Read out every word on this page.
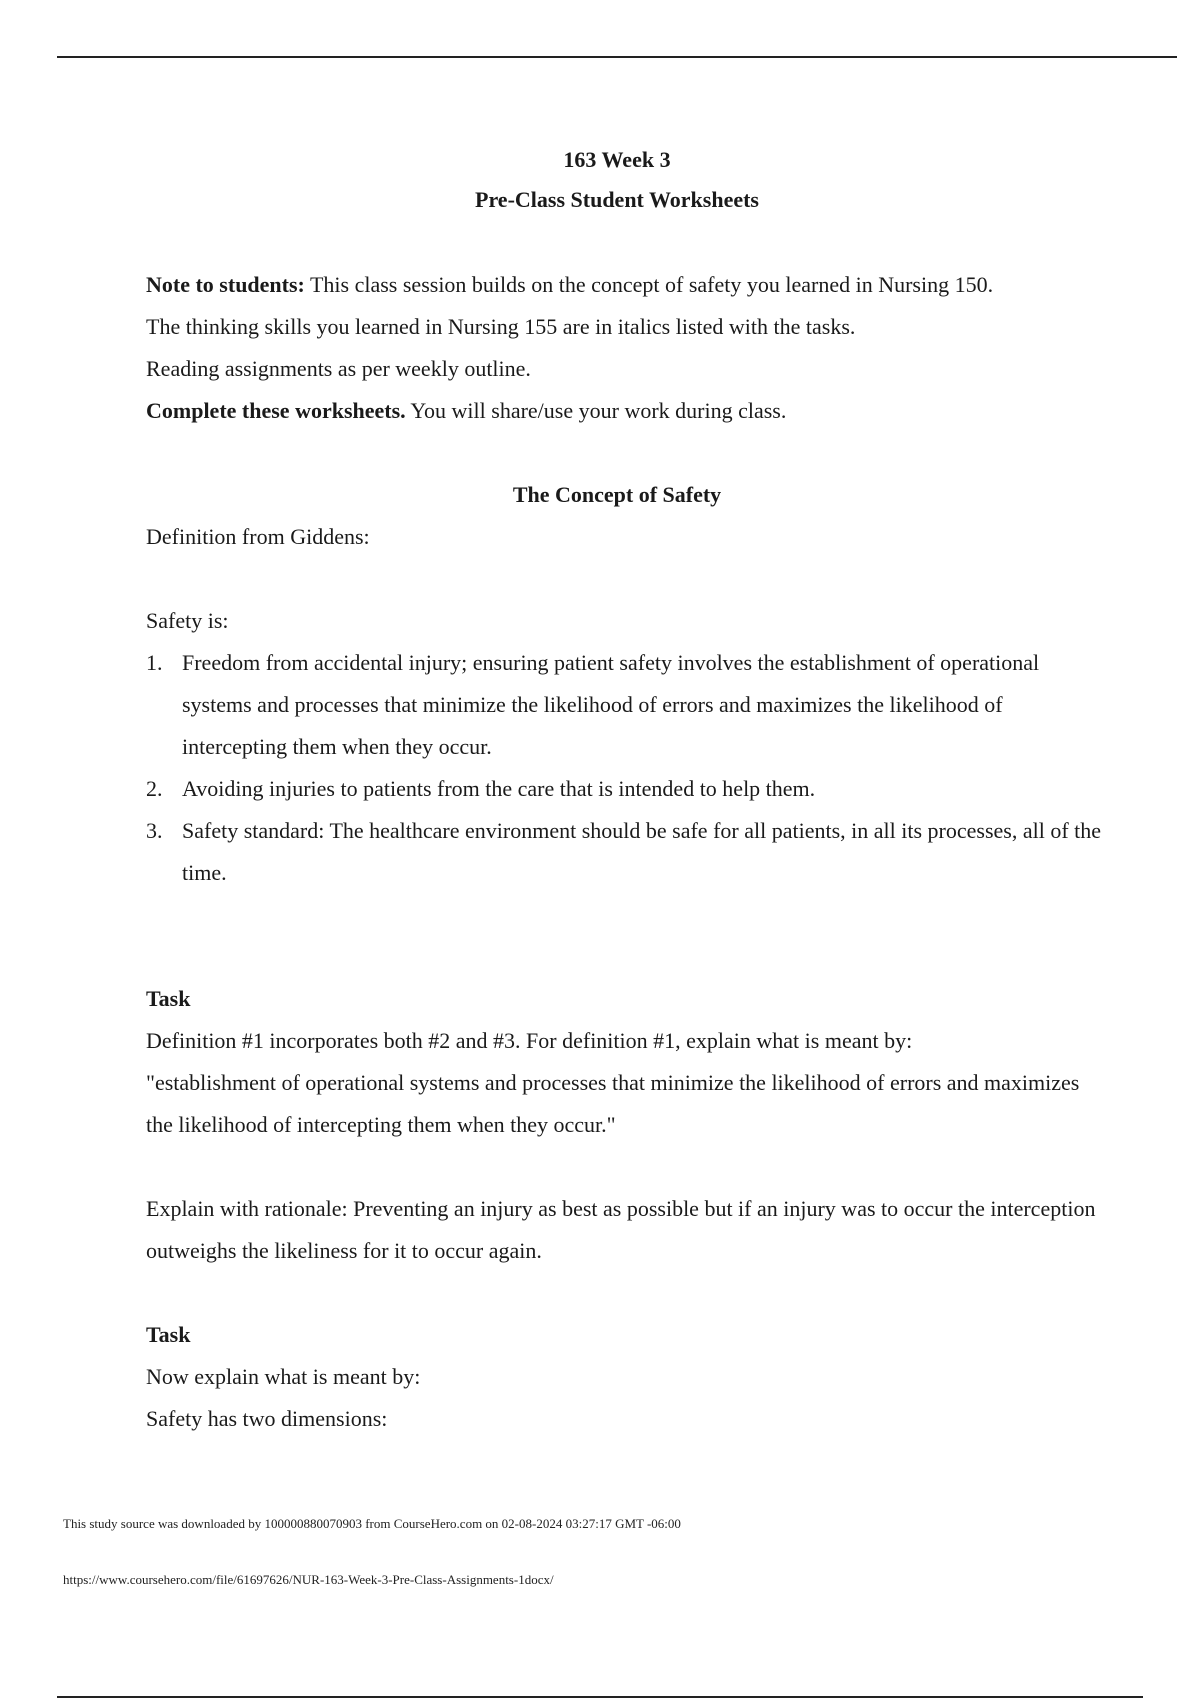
163 Week 3

Pre-Class Student Worksheets

Note to students: This class session builds on the concept of safety you learned in Nursing 150.

The thinking skills you learned in Nursing 155 are in italics listed with the tasks.

Reading assignments as per weekly outline.

Complete these worksheets. You will share/use your work during class.

The Concept of Safety

Definition from Giddens:

Safety is:

1. Freedom from accidental injury; ensuring patient safety involves the establishment of operational systems and processes that minimize the likelihood of errors and maximizes the likelihood of intercepting them when they occur.
2. Avoiding injuries to patients from the care that is intended to help them.
3. Safety standard: The healthcare environment should be safe for all patients, in all its processes, all of the time.

Task

Definition #1 incorporates both #2 and #3. For definition #1, explain what is meant by:

"establishment of operational systems and processes that minimize the likelihood of errors and maximizes the likelihood of intercepting them when they occur."

Explain with rationale: Preventing an injury as best as possible but if an injury was to occur the interception outweighs the likeliness for it to occur again.

Task

Now explain what is meant by:

Safety has two dimensions:

This study source was downloaded by 100000880070903 from CourseHero.com on 02-08-2024 03:27:17 GMT -06:00
https://www.coursehero.com/file/61697626/NUR-163-Week-3-Pre-Class-Assignments-1docx/
